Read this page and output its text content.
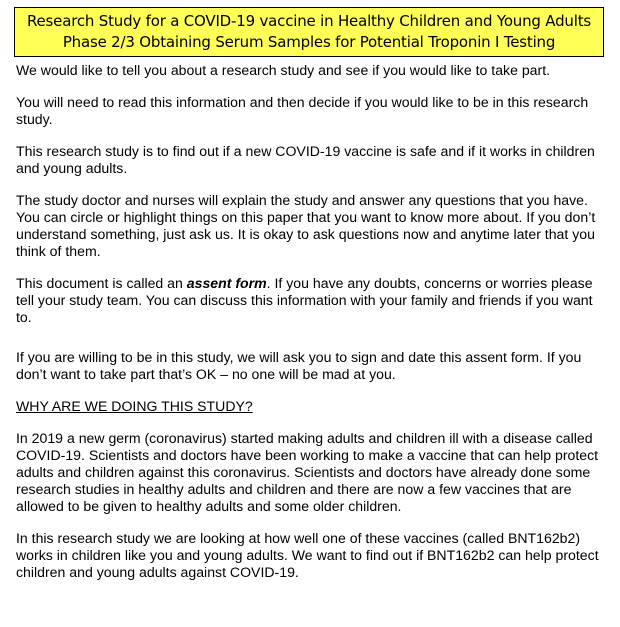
Research Study for a COVID-19 vaccine in Healthy Children and Young Adults
Phase 2/3 Obtaining Serum Samples for Potential Troponin I Testing

We would like to tell you about a research study and see if you would like to take part.

You will need to read this information and then decide if you would like to be in this research study.

This research study is to find out if a new COVID-19 vaccine is safe and if it works in children and young adults.

The study doctor and nurses will explain the study and answer any questions that you have. You can circle or highlight things on this paper that you want to know more about. If you don’t understand something, just ask us. It is okay to ask questions now and anytime later that you think of them.

This document is called an assent form. If you have any doubts, concerns or worries please tell your study team. You can discuss this information with your family and friends if you want to.

If you are willing to be in this study, we will ask you to sign and date this assent form. If you don’t want to take part that’s OK – no one will be mad at you.

WHY ARE WE DOING THIS STUDY?

In 2019 a new germ (coronavirus) started making adults and children ill with a disease called COVID-19. Scientists and doctors have been working to make a vaccine that can help protect adults and children against this coronavirus. Scientists and doctors have already done some research studies in healthy adults and children and there are now a few vaccines that are allowed to be given to healthy adults and some older children.

In this research study we are looking at how well one of these vaccines (called BNT162b2) works in children like you and young adults. We want to find out if BNT162b2 can help protect children and young adults against COVID-19.
